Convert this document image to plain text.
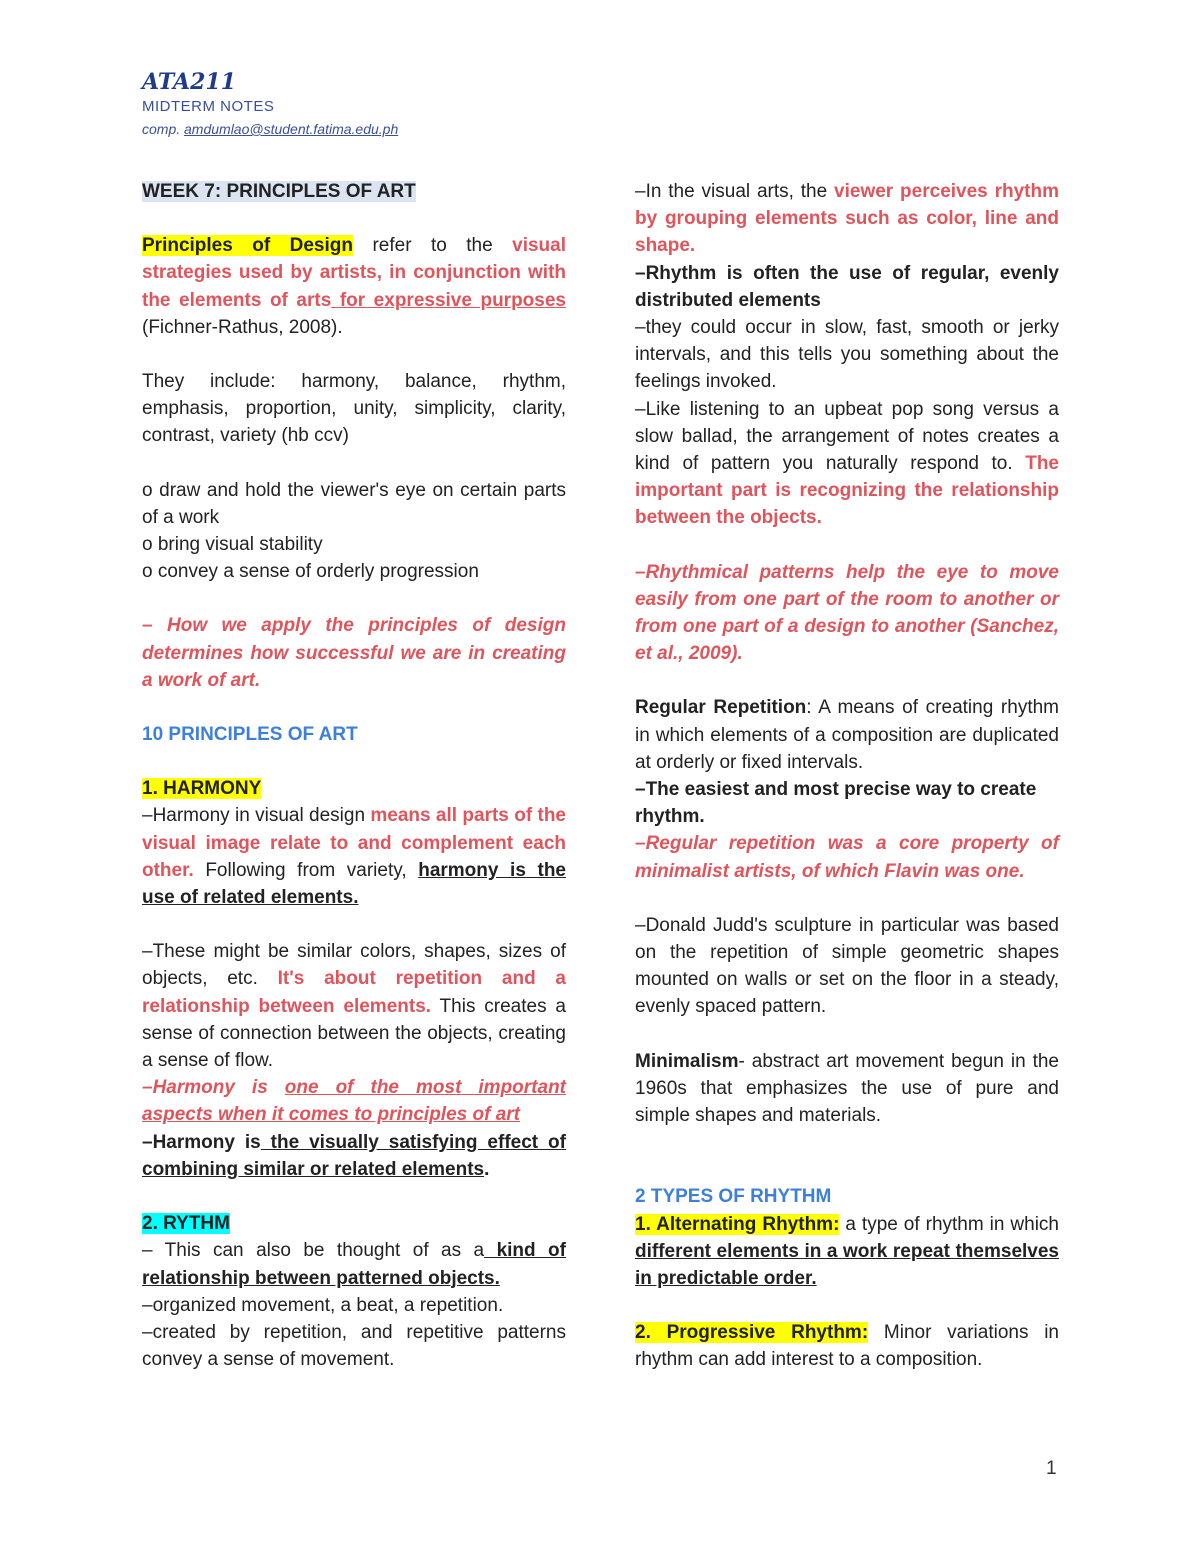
ATA211
MIDTERM NOTES
comp. amdumlao@student.fatima.edu.ph

WEEK 7: PRINCIPLES OF ART

Principles of Design refer to the visual strategies used by artists, in conjunction with the elements of arts for expressive purposes (Fichner-Rathus, 2008).

They include: harmony, balance, rhythm, emphasis, proportion, unity, simplicity, clarity, contrast, variety (hb ccv)

o draw and hold the viewer's eye on certain parts of a work

o bring visual stability

o convey a sense of orderly progression

– How we apply the principles of design determines how successful we are in creating a work of art.

10 PRINCIPLES OF ART

1. HARMONY

–Harmony in visual design means all parts of the visual image relate to and complement each other. Following from variety, harmony is the use of related elements.

–These might be similar colors, shapes, sizes of objects, etc. It's about repetition and a relationship between elements. This creates a sense of connection between the objects, creating a sense of flow.

–Harmony is one of the most important aspects when it comes to principles of art

–Harmony is the visually satisfying effect of combining similar or related elements.

2. RYTHM

– This can also be thought of as a kind of relationship between patterned objects.

–organized movement, a beat, a repetition.

–created by repetition, and repetitive patterns convey a sense of movement.

–In the visual arts, the viewer perceives rhythm by grouping elements such as color, line and shape.

–Rhythm is often the use of regular, evenly distributed elements

–they could occur in slow, fast, smooth or jerky intervals, and this tells you something about the feelings invoked.

–Like listening to an upbeat pop song versus a slow ballad, the arrangement of notes creates a kind of pattern you naturally respond to. The important part is recognizing the relationship between the objects.

–Rhythmical patterns help the eye to move easily from one part of the room to another or from one part of a design to another (Sanchez, et al., 2009).

Regular Repetition: A means of creating rhythm in which elements of a composition are duplicated at orderly or fixed intervals.

–The easiest and most precise way to create

rhythm.

–Regular repetition was a core property of minimalist artists, of which Flavin was one.

–Donald Judd's sculpture in particular was based on the repetition of simple geometric shapes mounted on walls or set on the floor in a steady, evenly spaced pattern.

Minimalism- abstract art movement begun in the 1960s that emphasizes the use of pure and simple shapes and materials.

2 TYPES OF RHYTHM

1. Alternating Rhythm: a type of rhythm in which different elements in a work repeat themselves in predictable order.

2. Progressive Rhythm: Minor variations in rhythm can add interest to a composition.

1
